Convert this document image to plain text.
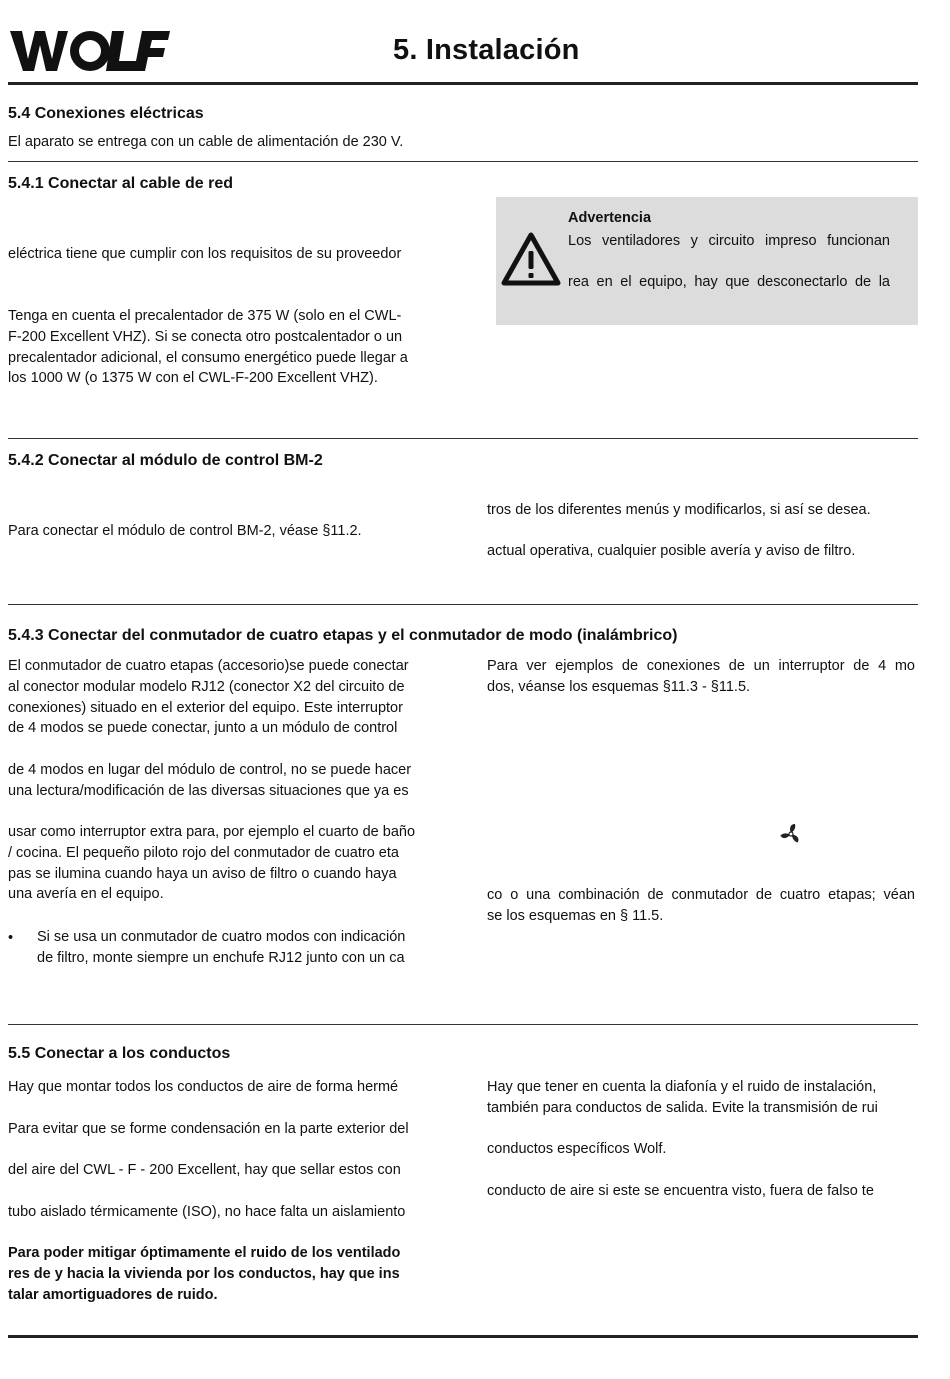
WOLF
5. Instalación
5.4 Conexiones eléctricas

El aparato se entrega con un cable de alimentación de 230 V.

5.4.1 Conectar al cable de red

eléctrica tiene que cumplir con los requisitos de su proveedor

Tenga en cuenta el precalentador de 375 W (solo en el CWL-
F-200 Excellent VHZ). Si se conecta otro postcalentador o un
precalentador adicional, el consumo energético puede llegar a
los 1000 W (o 1375 W con el CWL-F-200 Excellent VHZ).
Advertencia
Los ventiladores y circuito impreso funcionan
rea en el equipo, hay que desconectarlo de la
5.4.2 Conectar al módulo de control BM-2

Para conectar el módulo de control BM-2, véase §11.2.

tros de los diferentes menús y modificarlos, si así se desea.

actual operativa, cualquier posible avería y aviso de filtro.

5.4.3 Conectar del conmutador de cuatro etapas y el conmutador de modo (inalámbrico)
El conmutador de cuatro etapas (accesorio)se puede conectar
al conector modular modelo RJ12 (conector X2 del circuito de
conexiones) situado en el exterior del equipo. Este interruptor
de 4 modos se puede conectar, junto a un módulo de control
de 4 modos en lugar del módulo de control, no se puede hacer
una lectura/modificación de las diversas situaciones que ya es
usar como interruptor extra para, por ejemplo el cuarto de baño
/ cocina. El pequeño piloto rojo del conmutador de cuatro eta
pas se ilumina cuando haya un aviso de filtro o cuando haya
una avería en el equipo.
• Si se usa un conmutador de cuatro modos con indicación
de filtro, monte siempre un enchufe RJ12 junto con un ca
Para ver ejemplos de conexiones de un interruptor de 4 mo
dos, véanse los esquemas §11.3 - §11.5.
co o una combinación de conmutador de cuatro etapas; véan
se los esquemas en § 11.5.
5.5 Conectar a los conductos

Hay que montar todos los conductos de aire de forma hermé

Para evitar que se forme condensación en la parte exterior del

del aire del CWL - F - 200 Excellent, hay que sellar estos con

tubo aislado térmicamente (ISO), no hace falta un aislamiento

Para poder mitigar óptimamente el ruido de los ventilado
res de y hacia la vivienda por los conductos, hay que ins
talar amortiguadores de ruido.
Hay que tener en cuenta la diafonía y el ruido de instalación,
también para conductos de salida. Evite la transmisión de rui

conductos específicos Wolf.

conducto de aire si este se encuentra visto, fuera de falso te
